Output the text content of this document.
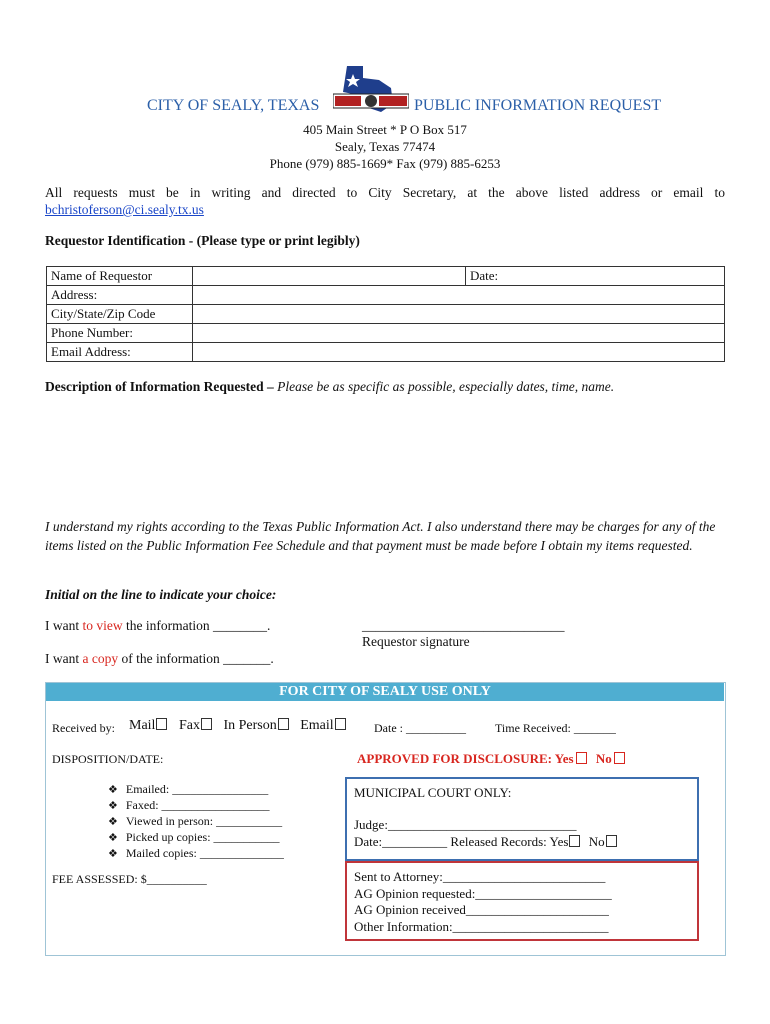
CITY OF SEALY, TEXAS	PUBLIC INFORMATION REQUEST
405 Main Street * P O Box 517
Sealy, Texas 77474
Phone (979) 885-1669* Fax (979) 885-6253
All requests must be in writing and directed to City Secretary, at the above listed address or email to
bchristoferson@ci.sealy.tx.us
Requestor Identification - (Please type or print legibly)
Name of Requestor		Date:
Address:		
City/State/Zip Code		
Phone Number:		
Email Address:		
Description of Information Requested – Please be as specific as possible, especially dates, time, name.
I understand my rights according to the Texas Public Information Act. I also understand there may be charges for any of the items listed on the Public Information Fee Schedule and that payment must be made before I obtain my items requested.
Initial on the line to indicate your choice:
I want to view the information ________.
I want a copy of the information _______.
______________________________
Requestor signature
FOR CITY OF SEALY USE ONLY
Received by: Mail Fax In Person Email	Date : __________ Time Received: _______
DISPOSITION/DATE:	APPROVED FOR DISCLOSURE: Yes No
❖ Emailed: ________________
❖ Faxed: __________________
❖ Viewed in person: ___________
❖ Picked up copies: ___________
❖ Mailed copies: ______________
FEE ASSESSED: $__________
MUNICIPAL COURT ONLY:
Judge:_____________________________
Date:__________ Released Records: Yes No
Sent to Attorney:_________________________
AG Opinion requested:_____________________
AG Opinion received______________________
Other Information:________________________
